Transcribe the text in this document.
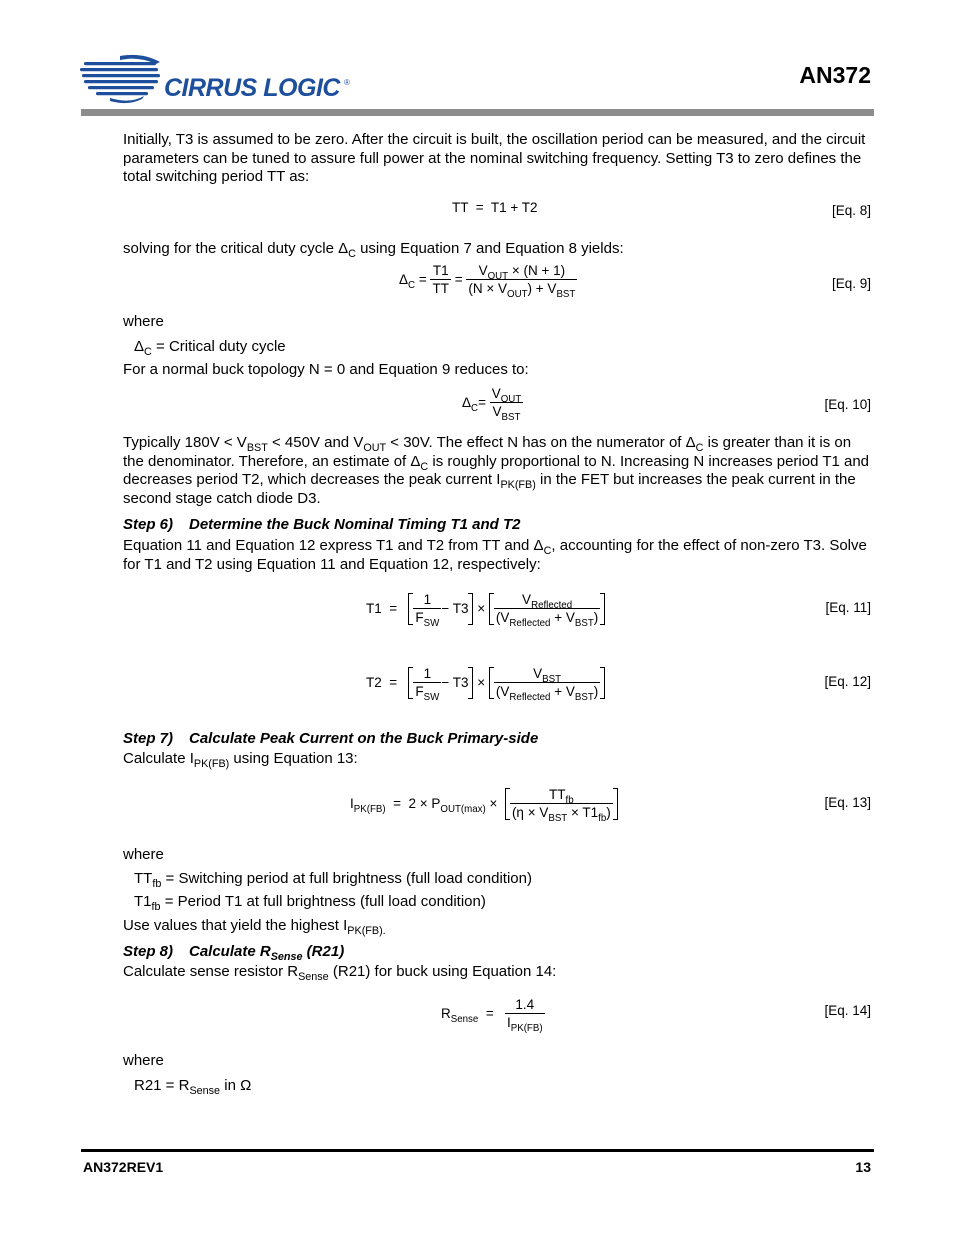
CIRRUS LOGIC ®	AN372
Initially, T3 is assumed to be zero. After the circuit is built, the oscillation period can be measured, and the circuit parameters can be tuned to assure full power at the nominal switching frequency. Setting T3 to zero defines the total switching period TT as:
TT  =  T1 + T2	[Eq. 8]
solving for the critical duty cycle $\Delta_C$ using Equation 7 and Equation 8 yields:
$\Delta_C = \frac{T1}{TT} = \frac{V_{OUT} \times (N + 1)}{(N \times V_{OUT}) + V_{BST}}$	[Eq. 9]
where
$\Delta_C$ = Critical duty cycle
For a normal buck topology N = 0 and Equation 9 reduces to:
$\Delta_C= \frac{V_{OUT}}{V_{BST}}$	[Eq. 10]
Typically $180V < V_{BST} < 450V$ and $V_{OUT} < 30V$. The effect N has on the numerator of $\Delta_C$ is greater than it is on the denominator. Therefore, an estimate of $\Delta_C$ is roughly proportional to N. Increasing N increases period T1 and decreases period T2, which decreases the peak current $I_{PK(FB)}$ in the FET but increases the peak current in the second stage catch diode D3.
Step 6) Determine the Buck Nominal Timing T1 and T2
Equation 11 and Equation 12 express T1 and T2 from TT and $\Delta_C$, accounting for the effect of non-zero T3. Solve for T1 and T2 using Equation 11 and Equation 12, respectively:
$T1 = \frac{1}{F_{SW}} - T3 \times \frac{V_{Reflected}}{(V_{Reflected} + V_{BST})}$	[Eq. 11]
$T2 = \frac{1}{F_{SW}} - T3 \times \frac{V_{BST}}{(V_{Reflected} + V_{BST})}$	[Eq. 12]
Step 7) Calculate Peak Current on the Buck Primary-side
Calculate $I_{PK(FB)}$ using Equation 13:
$I_{PK(FB)} = 2 \times P_{OUT(max)} \times \frac{TT_{fb}}{(\eta \times V_{BST} \times T1_{fb})}$	[Eq. 13]
where
$TT_{fb}$ = Switching period at full brightness (full load condition)
$T1_{fb}$ = Period T1 at full brightness (full load condition)
Use values that yield the highest $I_{PK(FB).}$
Step 8) Calculate $R_{Sense}$ (R21)
Calculate sense resistor $R_{Sense}$ (R21) for buck using Equation 14:
$R_{Sense} = \frac{1.4}{I_{PK(FB)}}$	[Eq. 14]
where
$R21 = R_{Sense}$ in Ω
AN372REV1	13
